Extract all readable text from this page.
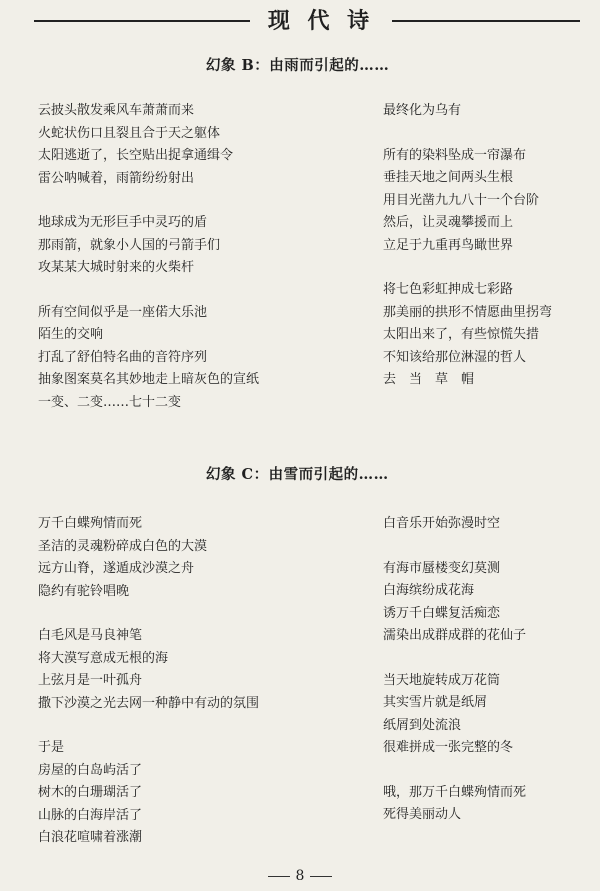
现 代 诗
幻象 B：由雨而引起的……
云披头散发乘风车萧萧而来
火蛇状伤口且裂且合于天之躯体
太阳逃逝了，长空贴出捉拿通缉令
雷公呐喊着，雨箭纷纷射出
地球成为无形巨手中灵巧的盾
那雨箭，就象小人国的弓箭手们
攻某某大城时射来的火柴杆
所有空间似乎是一座偌大乐池
陌生的交响
打乱了舒伯特名曲的音符序列
抽象图案莫名其妙地走上暗灰色的宣纸
一变、二变……七十二变
最终化为乌有
所有的染料坠成一帘瀑布
垂挂天地之间两头生根
用目光凿九九八十一个台阶
然后，让灵魂攀援而上
立足于九重再鸟瞰世界
将七色彩虹抻成七彩路
那美丽的拱形不情愿曲里拐弯
太阳出来了，有些惊慌失措
不知该给那位淋湿的哲人
去　当　草　帽
幻象 C：由雪而引起的……
万千白蝶殉情而死
圣洁的灵魂粉碎成白色的大漠
远方山脊，遂遁成沙漠之舟
隐约有驼铃唱晚
白毛风是马良神笔
将大漠写意成无根的海
上弦月是一叶孤舟
撒下沙漠之光去网一种静中有动的氛围
于是
房屋的白岛屿活了
树木的白珊瑚活了
山脉的白海岸活了
白浪花喧啸着涨潮
白音乐开始弥漫时空
有海市蜃楼变幻莫测
白海缤纷成花海
诱万千白蝶复活痴恋
濡染出成群成群的花仙子
当天地旋转成万花筒
其实雪片就是纸屑
纸屑到处流浪
很难拼成一张完整的冬
哦，那万千白蝶殉情而死
死得美丽动人
8
